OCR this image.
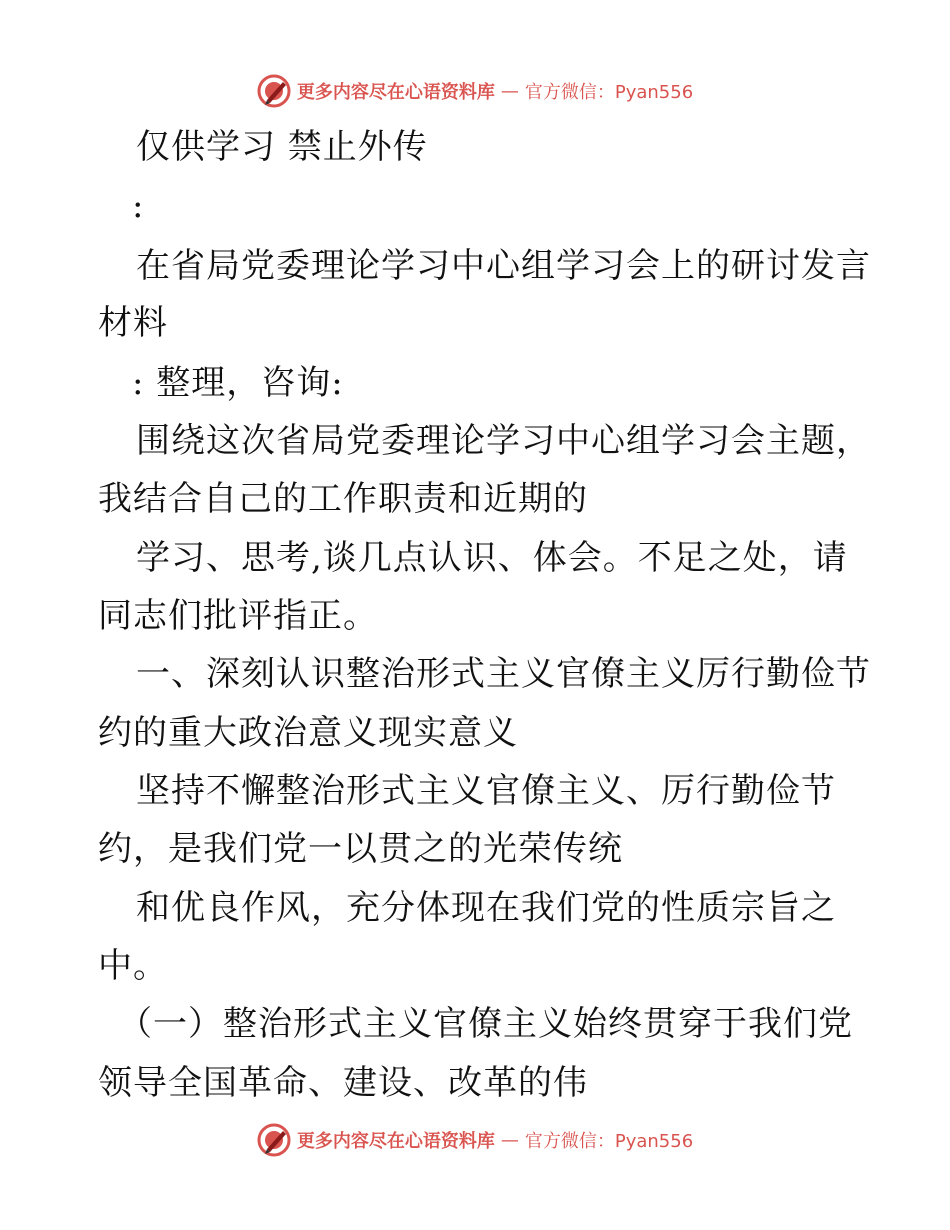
更多内容尽在心语资料库 — 官方微信：Pyan556
仅供学习 禁止外传
:
在省局党委理论学习中心组学习会上的研讨发言
材料
: 整理，咨询:
围绕这次省局党委理论学习中心组学习会主题，
我结合自己的工作职责和近期的
学习、思考,谈几点认识、体会。不足之处，请
同志们批评指正。
一、深刻认识整治形式主义官僚主义厉行勤俭节
约的重大政治意义现实意义
坚持不懈整治形式主义官僚主义、厉行勤俭节
约，是我们党一以贯之的光荣传统
和优良作风，充分体现在我们党的性质宗旨之
中。
（一）整治形式主义官僚主义始终贯穿于我们党
领导全国革命、建设、改革的伟
更多内容尽在心语资料库 — 官方微信：Pyan556
